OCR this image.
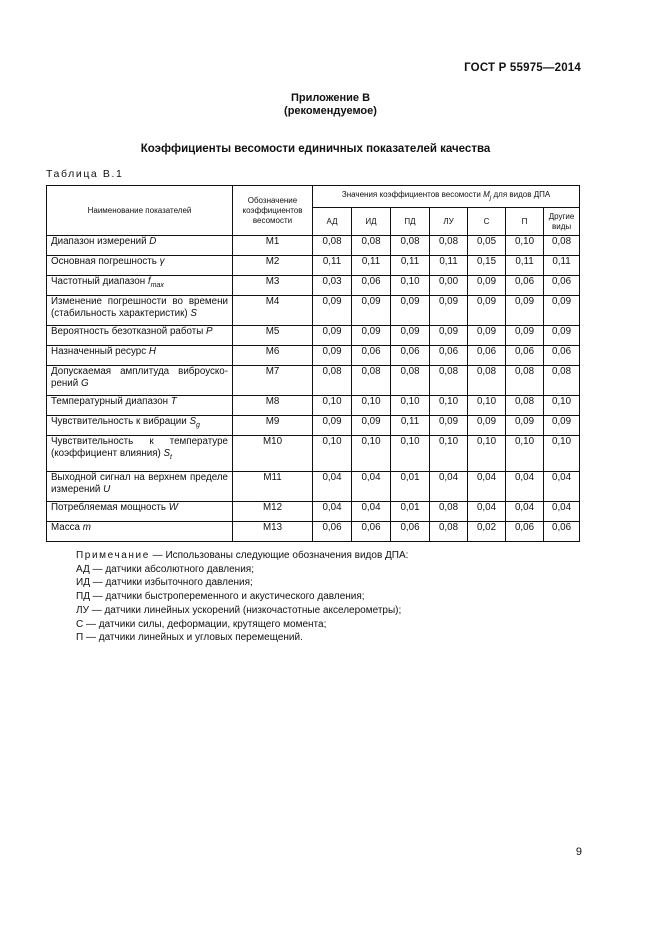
ГОСТ Р 55975—2014
Приложение В
(рекомендуемое)
Коэффициенты весомости единичных показателей качества
Таблица В.1
Наименование показателей	Обозначение коэффициентов весомости	Значения коэффициентов весомости $M_j$ для видов ДПА						
		АД	ИД	ПД	ЛУ	С	П	Другие виды
Диапазон измерений D	M1	0,08	0,08	0,08	0,08	0,05	0,10	0,08
Основная погрешность γ	M2	0,11	0,11	0,11	0,11	0,15	0,11	0,11
Частотный диапазон $f_{max}$	M3	0,03	0,06	0,10	0,00	0,09	0,06	0,06
Изменение погрешности во времени (стабильность характеристик) S	M4	0,09	0,09	0,09	0,09	0,09	0,09	0,09
Вероятность безотказной работы P	M5	0,09	0,09	0,09	0,09	0,09	0,09	0,09
Назначенный ресурс H	M6	0,09	0,06	0,06	0,06	0,06	0,06	0,06
Допускаемая амплитуда виброускорений G	M7	0,08	0,08	0,08	0,08	0,08	0,08	0,08
Температурный диапазон T	M8	0,10	0,10	0,10	0,10	0,10	0,08	0,10
Чувствительность к вибрации $S_g$	M9	0,09	0,09	0,11	0,09	0,09	0,09	0,09
Чувствительность к температуре (коэффициент влияния) $S_t$	M10	0,10	0,10	0,10	0,10	0,10	0,10	0,10
Выходной сигнал на верхнем пределе измерений U	M11	0,04	0,04	0,01	0,04	0,04	0,04	0,04
Потребляемая мощность W	M12	0,04	0,04	0,01	0,08	0,04	0,04	0,04
Масса m	M13	0,06	0,06	0,06	0,08	0,02	0,06	0,06
Примечание — Использованы следующие обозначения видов ДПА:
АД — датчики абсолютного давления;
ИД — датчики избыточного давления;
ПД — датчики быстропеременного и акустического давления;
ЛУ — датчики линейных ускорений (низкочастотные акселерометры);
С — датчики силы, деформации, крутящего момента;
П — датчики линейных и угловых перемещений.
9
